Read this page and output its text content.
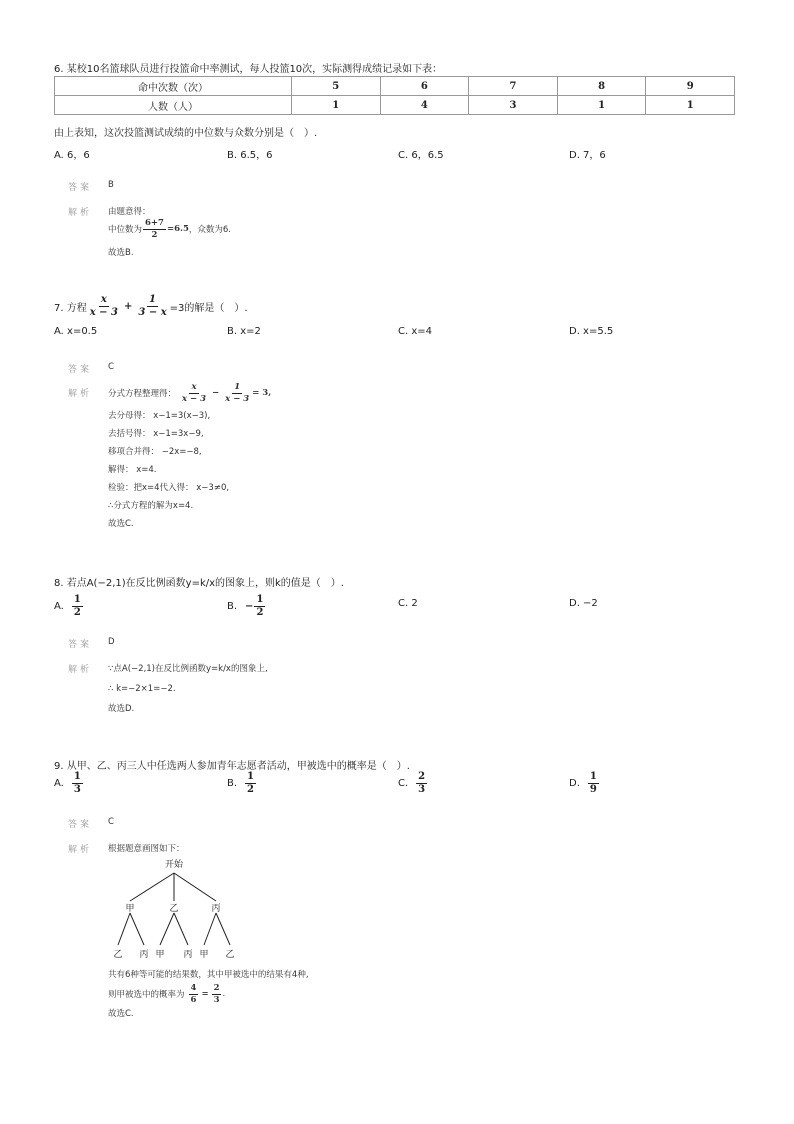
6. 某校10名篮球队员进行投篮命中率测试，每人投篮10次，实际测得成绩记录如下表：
命中次数（次）	5	6	7	8	9
人数（人）	1	4	3	1	1
由上表知，这次投篮测试成绩的中位数与众数分别是（　）.
A. 6，6	B. 6.5，6	C. 6，6.5	D. 7，6
答案 B
解析 由题意得：
中位数为 $\frac{6+7}{2} =6.5$ ，众数为6.
故选B.
7. 方程 $\frac{x}{x - 3} + \frac{1}{3 - x} =3$的解是（　）.
A. x=0.5	B. x=2	C. x=4	D. x=5.5
答案 C
解析 分式方程整理得： $\frac{x}{x - 3} - \frac{1}{x - 3} = 3$,
去分母得： x−1=3(x−3),
去括号得： x−1=3x−9,
移项合并得： −2x=−8,
解得： x=4.
检验：把x=4代入得： x−3≠0,
∴分式方程的解为x=4.
故选C.
8. 若点A(−2,1)在反比例函数y=k/x的图象上，则k的值是（　）.
A. $\frac{1}{2}$	B. − $\frac{1}{2}$	C. 2	D. −2
答案 D
解析 ∵点A(−2,1)在反比例函数y=k/x的图象上,
∴ k=−2×1=−2.
故选D.
9. 从甲、乙、丙三人中任选两人参加青年志愿者活动，甲被选中的概率是（　）.
A. $\frac{1}{3}$	B. $\frac{1}{2}$	C. $\frac{2}{3}$	D. $\frac{1}{9}$
答案 C
解析 根据题意画图如下：
开始
甲	乙	丙
乙 丙 甲 丙 甲 乙
共有6种等可能的结果数，其中甲被选中的结果有4种,
则甲被选中的概率为 $\frac{4}{6} = \frac{2}{3}$ .
故选C.
